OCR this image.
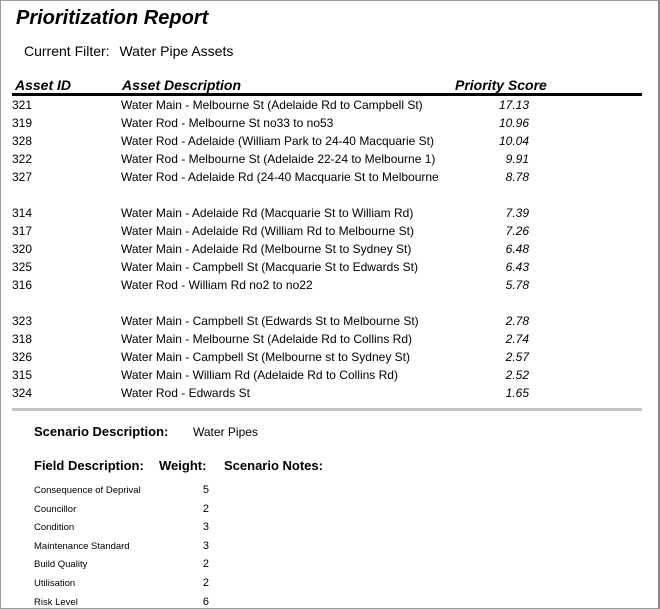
Prioritization Report
Current Filter: Water Pipe Assets
Asset ID	Asset Description	Priority Score
321	Water Main - Melbourne St (Adelaide Rd to Campbell St)	17.13
319	Water Rod - Melbourne St no33 to no53	10.96
328	Water Rod - Adelaide (William Park to 24-40 Macquarie St)	10.04
322	Water Rod - Melbourne St (Adelaide 22-24 to Melbourne 1)	9.91
327	Water Rod - Adelaide Rd (24-40 Macquarie St to Melbourne	8.78
314	Water Main - Adelaide Rd (Macquarie St to William Rd)	7.39
317	Water Main - Adelaide Rd (William Rd to Melbourne St)	7.26
320	Water Main - Adelaide Rd (Melbourne St to Sydney St)	6.48
325	Water Main - Campbell St (Macquarie St to Edwards St)	6.43
316	Water Rod - William Rd no2 to no22	5.78
323	Water Main - Campbell St (Edwards St to Melbourne St)	2.78
318	Water Main - Melbourne St (Adelaide Rd to Collins Rd)	2.74
326	Water Main - Campbell St (Melbourne st to Sydney St)	2.57
315	Water Main - William Rd (Adelaide Rd to Collins Rd)	2.52
324	Water Rod - Edwards St	1.65
Scenario Description: Water Pipes
Field Description: Weight: Scenario Notes:
Consequence of Deprival	5
Councillor	2
Condition	3
Maintenance Standard	3
Build Quality	2
Utilisation	2
Risk Level	6
